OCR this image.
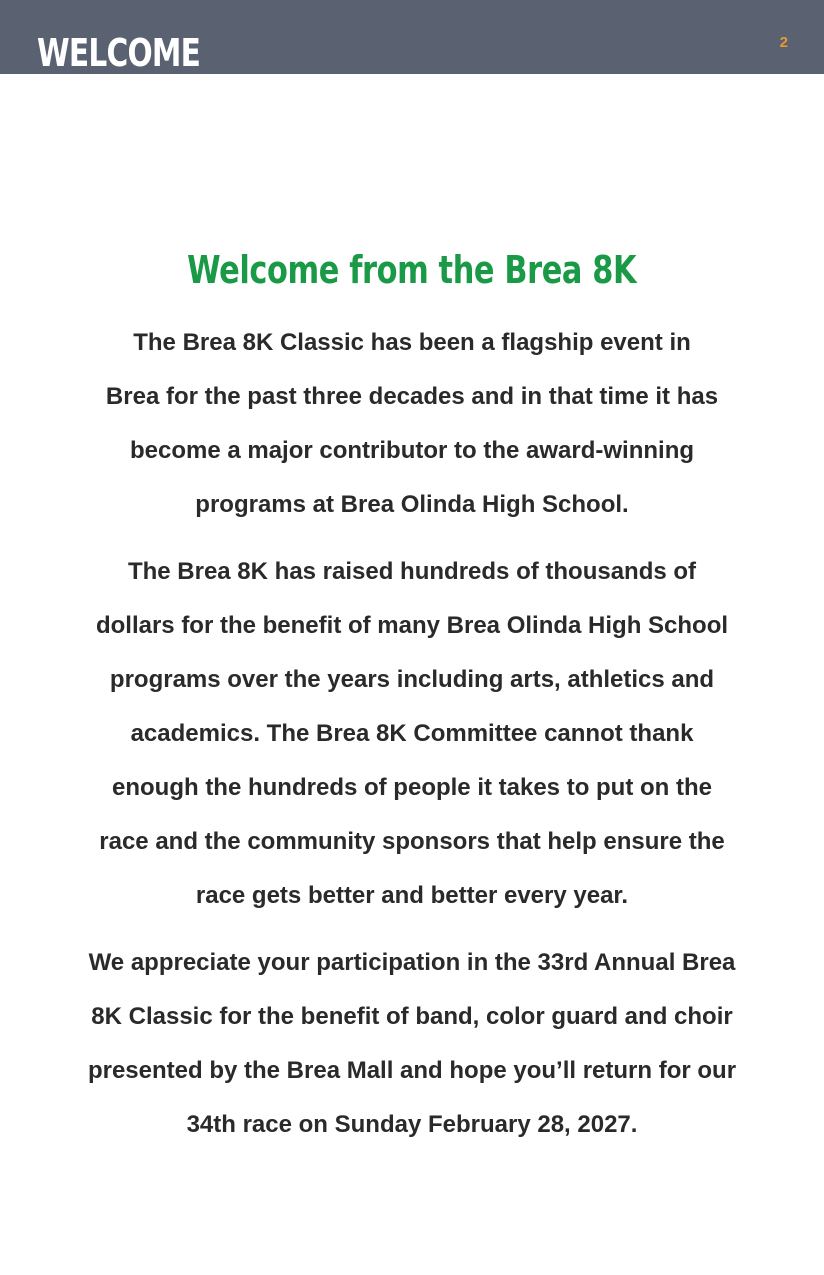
WELCOME	2
Welcome from the Brea 8K

The Brea 8K Classic has been a flagship event in
Brea for the past three decades and in that time it has
become a major contributor to the award-winning
programs at Brea Olinda High School.

The Brea 8K has raised hundreds of thousands of
dollars for the benefit of many Brea Olinda High School
programs over the years including arts, athletics and
academics. The Brea 8K Committee cannot thank
enough the hundreds of people it takes to put on the
race and the community sponsors that help ensure the
race gets better and better every year.

We appreciate your participation in the 33rd Annual Brea
8K Classic for the benefit of band, color guard and choir
presented by the Brea Mall and hope you’ll return for our
34th race on Sunday February 28, 2027.
